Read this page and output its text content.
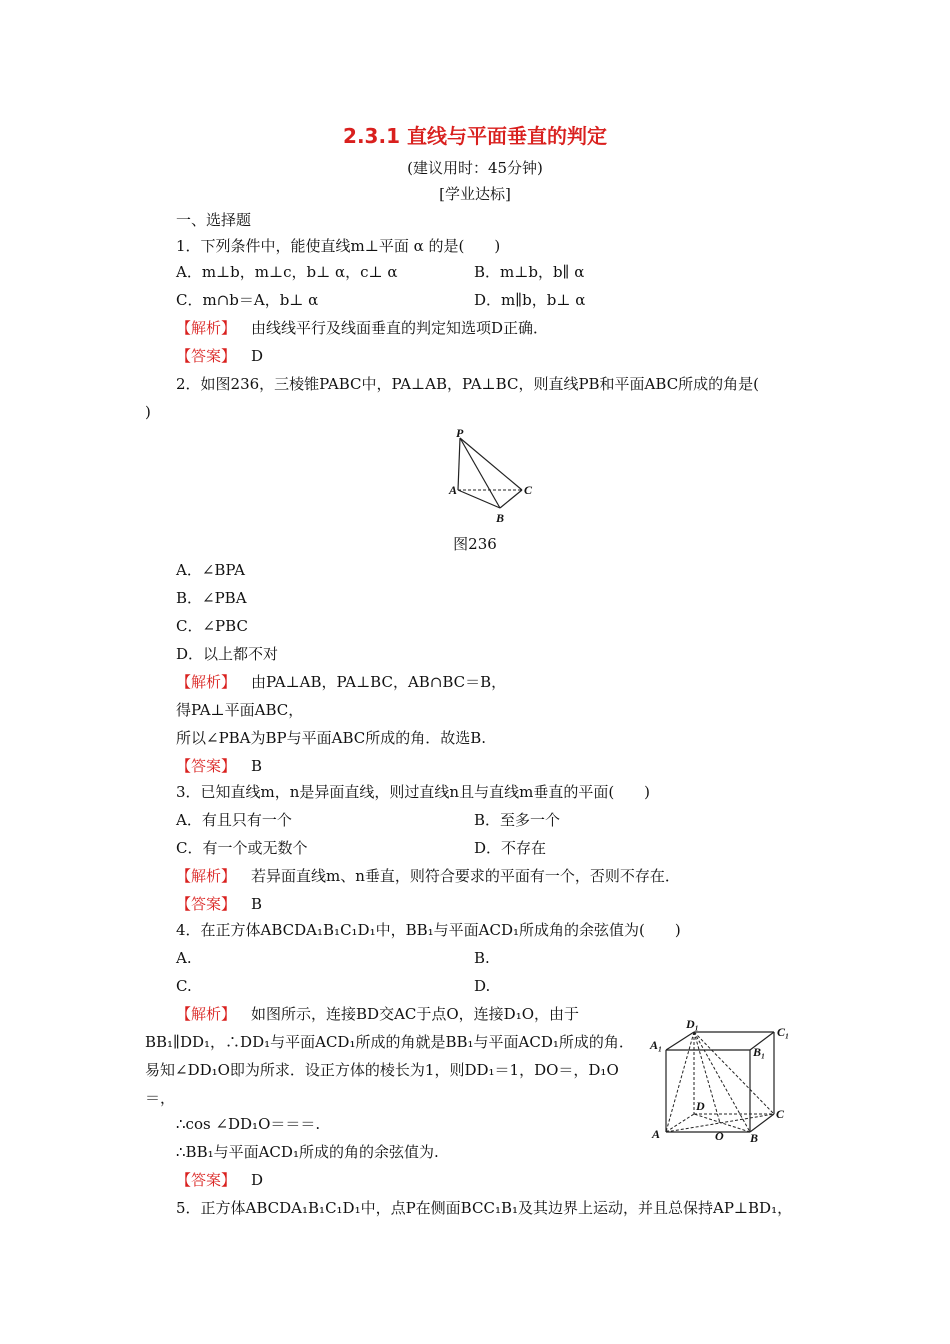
2.3.1 直线与平面垂直的判定
(建议用时：45分钟)
[学业达标]
一、选择题
1．下列条件中，能使直线m⊥平面 α 的是(　　)
A．m⊥b，m⊥c，b⊥ α，c⊥ α	B．m⊥b，b∥ α
C．m∩b＝A，b⊥ α	D．m∥b，b⊥ α
【解析】  由线线平行及线面垂直的判定知选项D正确．
【答案】  D
2．如图236，三棱锥PABC中，PA⊥AB，PA⊥BC，则直线PB和平面ABC所成的角是(
)
P
A	C
B
图236
A．∠BPA
B．∠PBA
C．∠PBC
D．以上都不对
【解析】  由PA⊥AB，PA⊥BC，AB∩BC＝B，
得PA⊥平面ABC，
所以∠PBA为BP与平面ABC所成的角．故选B.
【答案】  B
3．已知直线m，n是异面直线，则过直线n且与直线m垂直的平面(　　)
A．有且只有一个	B．至多一个
C．有一个或无数个	D．不存在
【解析】  若异面直线m、n垂直，则符合要求的平面有一个，否则不存在．
【答案】  B
4．在正方体ABCDA₁B₁C₁D₁中，BB₁与平面ACD₁所成角的余弦值为(　　)
A.	B.
C.	D.
【解析】  如图所示，连接BD交AC于点O，连接D₁O，由于
BB₁∥DD₁，∴DD₁与平面ACD₁所成的角就是BB₁与平面ACD₁所成的角．
易知∠DD₁O即为所求．设正方体的棱长为1，则DD₁＝1，DO＝，D₁O
＝，
∴cos ∠DD₁O＝＝＝.
∴BB₁与平面ACD₁所成的角的余弦值为.
【答案】  D
D₁
C₁
A₁	B₁
D
C
A	O B
5．正方体ABCDA₁B₁C₁D₁中，点P在侧面BCC₁B₁及其边界上运动，并且总保持AP⊥BD₁，
